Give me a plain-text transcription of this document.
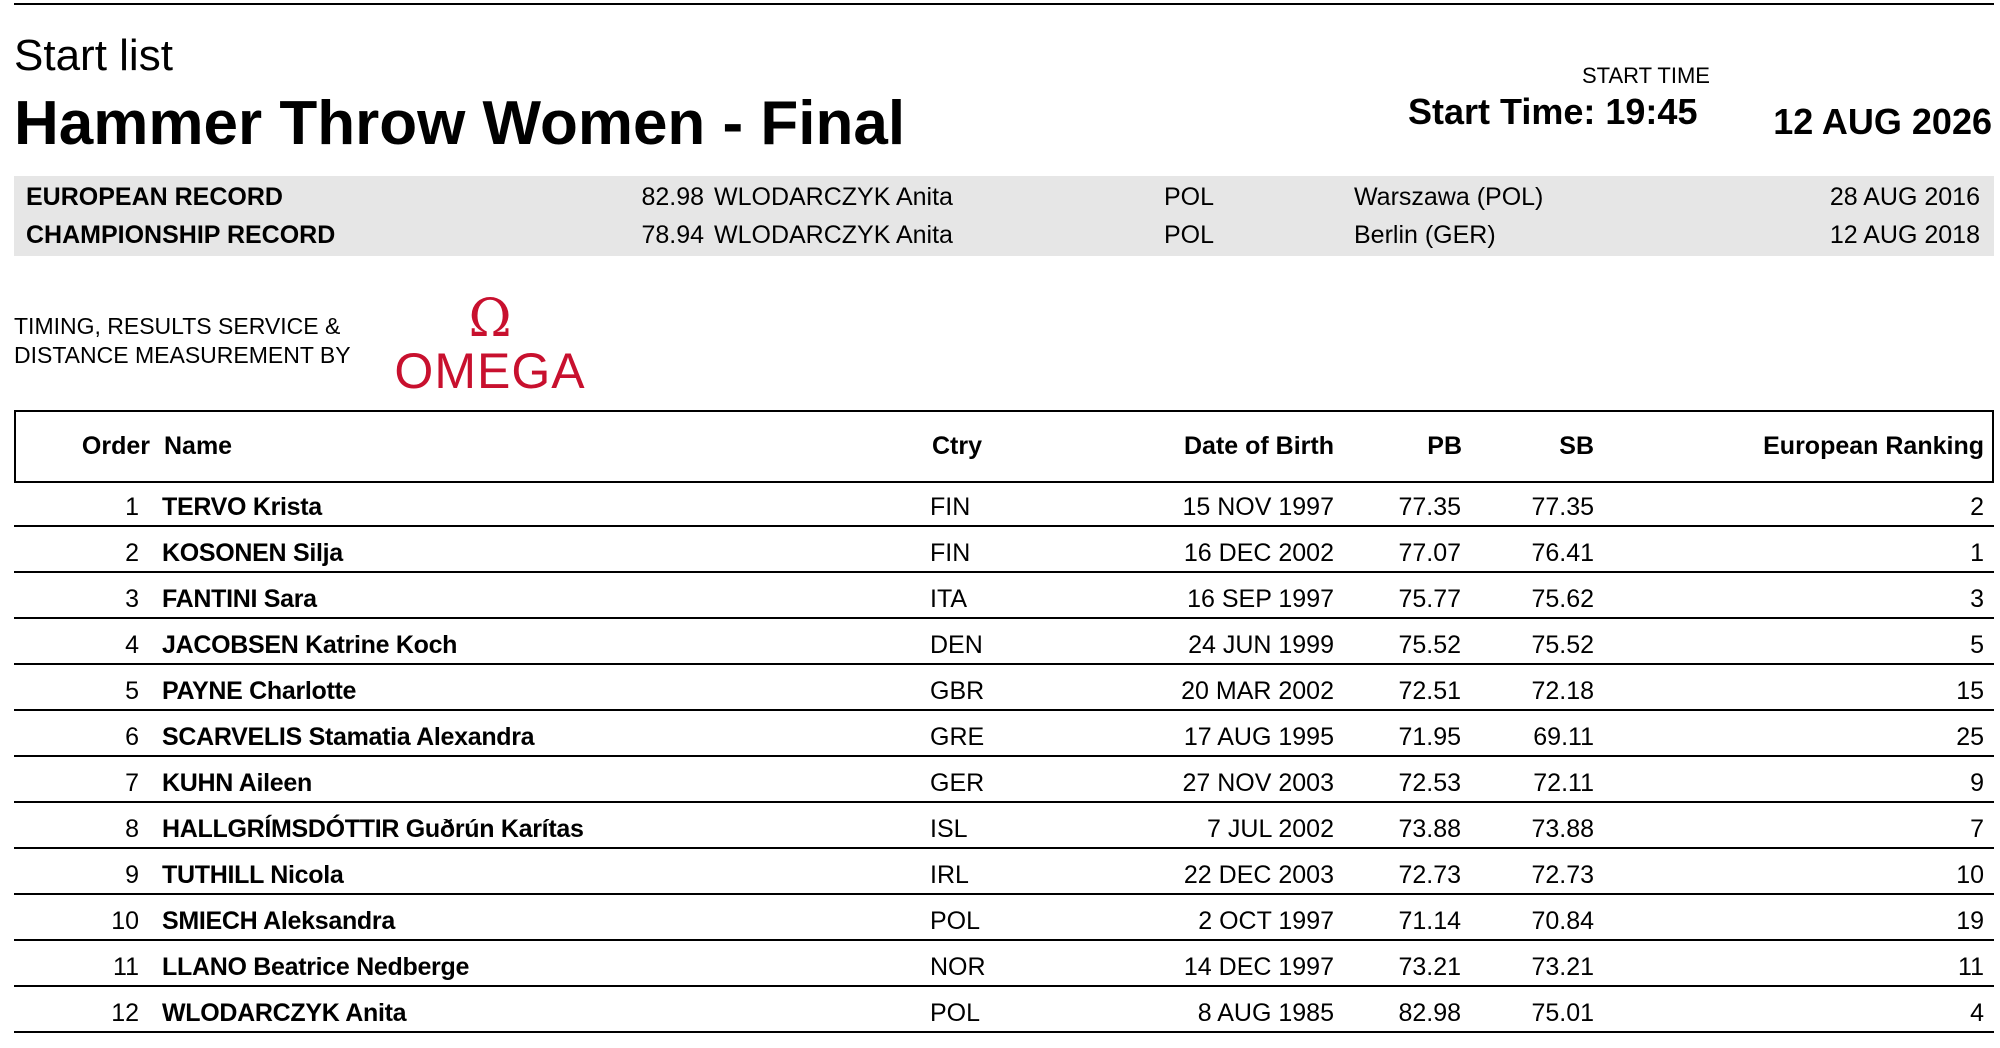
Start list
Hammer Throw Women - Final
START TIME
Start Time: 19:45 12 AUG 2026
EUROPEAN RECORD	82.98 WLODARCZYK Anita	POL	Warszawa (POL)	28 AUG 2016
CHAMPIONSHIP RECORD	78.94 WLODARCZYK Anita	POL	Berlin (GER)	12 AUG 2018
TIMING, RESULTS SERVICE &
DISTANCE MEASUREMENT BY
Ω
OMEGA
Order Name	Ctry	Date of Birth	PB	SB	European Ranking
1 TERVO Krista	FIN	15 NOV 1997	77.35	77.35	2
2 KOSONEN Silja	FIN	16 DEC 2002	77.07	76.41	1
3 FANTINI Sara	ITA	16 SEP 1997	75.77	75.62	3
4 JACOBSEN Katrine Koch	DEN	24 JUN 1999	75.52	75.52	5
5 PAYNE Charlotte	GBR	20 MAR 2002	72.51	72.18	15
6 SCARVELIS Stamatia Alexandra	GRE	17 AUG 1995	71.95	69.11	25
7 KUHN Aileen	GER	27 NOV 2003	72.53	72.11	9
8 HALLGRÍMSDÓTTIR Guðrún Karítas	ISL	7 JUL 2002	73.88	73.88	7
9 TUTHILL Nicola	IRL	22 DEC 2003	72.73	72.73	10
10 SMIECH Aleksandra	POL	2 OCT 1997	71.14	70.84	19
11 LLANO Beatrice Nedberge	NOR	14 DEC 1997	73.21	73.21	11
12 WLODARCZYK Anita	POL	8 AUG 1985	82.98	75.01	4
